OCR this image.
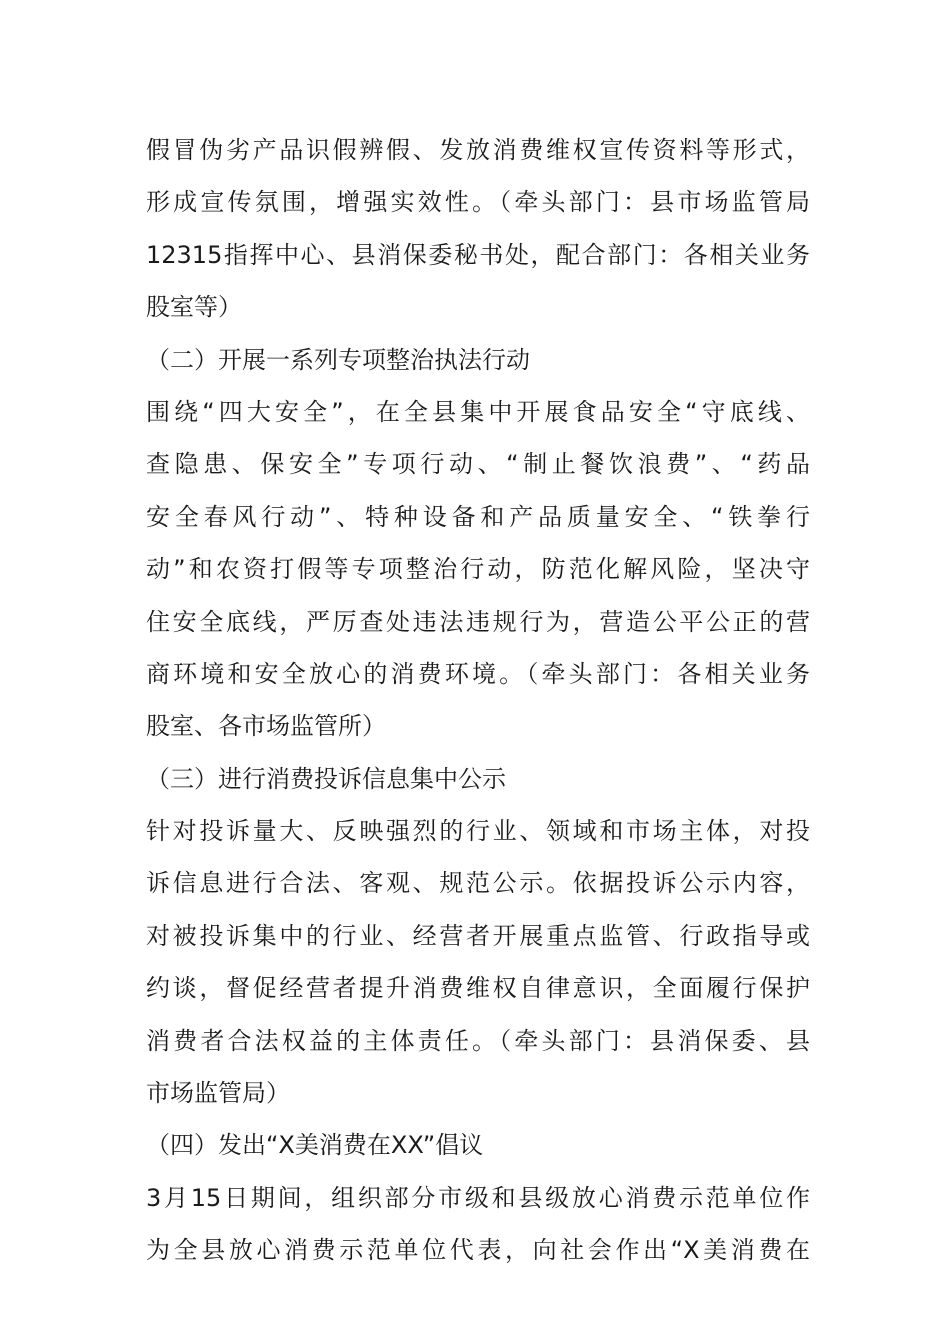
假冒伪劣产品识假辨假、发放消费维权宣传资料等形式，
形成宣传氛围，增强实效性。（牵头部门：县市场监管局
12315指挥中心、县消保委秘书处，配合部门：各相关业务
股室等）
（二）开展一系列专项整治执法行动
围绕“四大安全”，在全县集中开展食品安全“守底线、
查隐患、保安全”专项行动、“制止餐饮浪费”、“药品
安全春风行动”、特种设备和产品质量安全、“铁拳行
动”和农资打假等专项整治行动，防范化解风险，坚决守
住安全底线，严厉查处违法违规行为，营造公平公正的营
商环境和安全放心的消费环境。（牵头部门：各相关业务
股室、各市场监管所）
（三）进行消费投诉信息集中公示
针对投诉量大、反映强烈的行业、领域和市场主体，对投
诉信息进行合法、客观、规范公示。依据投诉公示内容，
对被投诉集中的行业、经营者开展重点监管、行政指导或
约谈，督促经营者提升消费维权自律意识，全面履行保护
消费者合法权益的主体责任。（牵头部门：县消保委、县
市场监管局）
（四）发出“X美消费在XX”倡议
3月15日期间，组织部分市级和县级放心消费示范单位作
为全县放心消费示范单位代表，向社会作出“X美消费在
